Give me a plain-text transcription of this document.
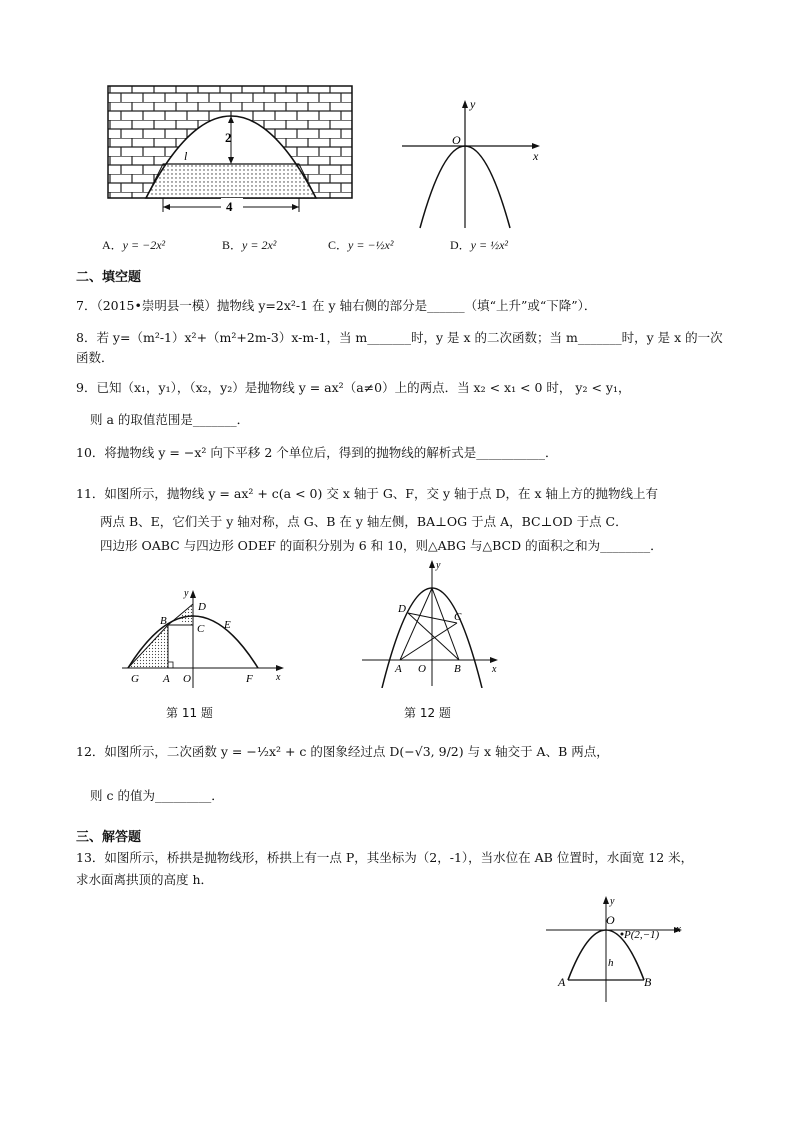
2
l
4
O
x
y
A．y = −2x²	B．y = 2x²	C．y = −½x²	D．y = ½x²
二、填空题
7．（2015•崇明县一模）抛物线 y=2x²-1 在 y 轴右侧的部分是______（填“上升”或“下降”）．
8．若 y=（m²-1）x²+（m²+2m-3）x-m-1，当 m_______时，y 是 x 的二次函数；当 m_______时，y 是 x 的一次
函数．
9．已知（x₁，y₁），（x₂，y₂）是抛物线 y = ax²（a≠0）上的两点．当 x₂ < x₁ < 0 时， y₂ < y₁，
则 a 的取值范围是_______．
10．将抛物线 y = −x² 向下平移 2 个单位后，得到的抛物线的解析式是___________．
11．如图所示，抛物线 y = ax² + c(a < 0) 交 x 轴于 G、F，交 y 轴于点 D，在 x 轴上方的抛物线上有
两点 B、E，它们关于 y 轴对称，点 G、B 在 y 轴左侧，BA⊥OG 于点 A，BC⊥OD 于点 C．
四边形 OABC 与四边形 ODEF 的面积分别为 6 和 10，则△ABG 与△BCD 的面积之和为________．
y
D
B
C E
G A O	F x
第 11 题
y
D
C
A O	B	x
第 12 题
12．如图所示，二次函数 y = −½x² + c 的图象经过点 D(−√3, 9/2) 与 x 轴交于 A、B 两点，
则 c 的值为_________．
三、解答题
13．如图所示，桥拱是抛物线形，桥拱上有一点 P，其坐标为（2，-1），当水位在 AB 位置时，水面宽 12 米，
求水面离拱顶的高度 h．
y
O
x
P(2,−1)
h
A	B
